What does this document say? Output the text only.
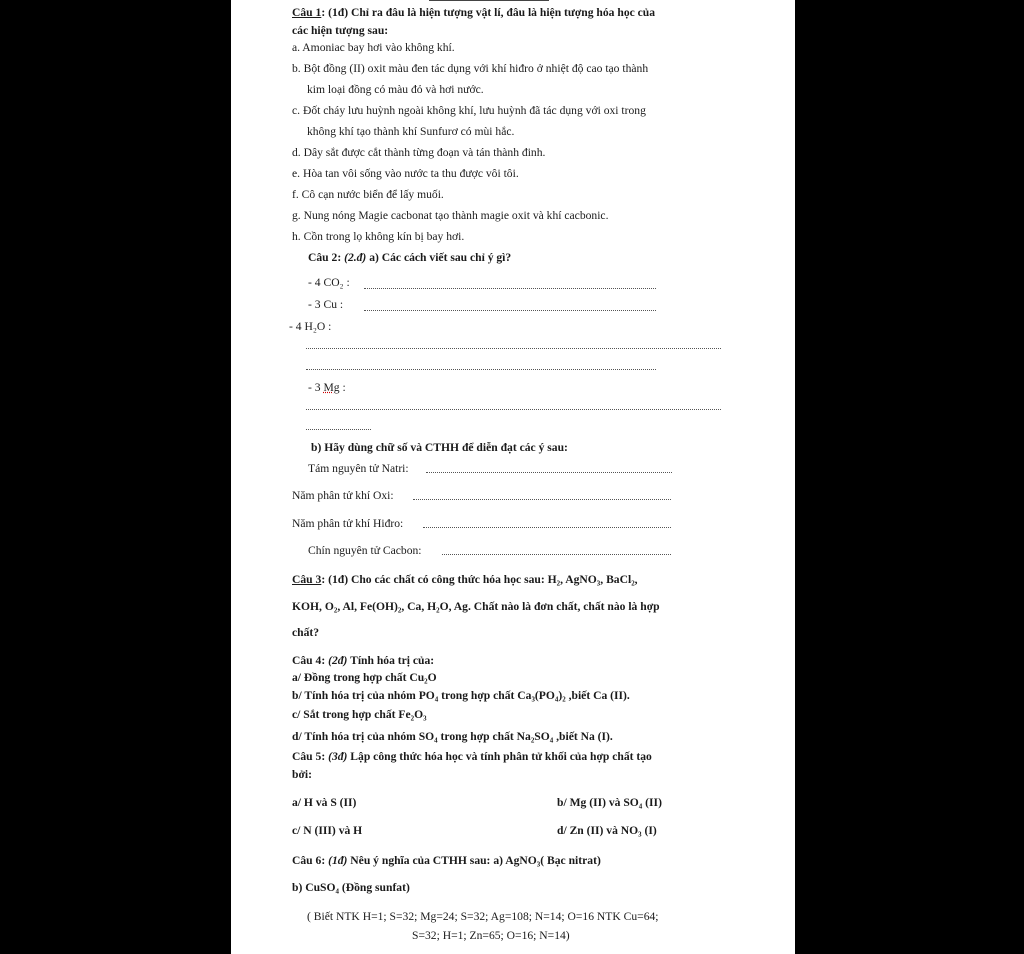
Câu 1: (1đ) Chỉ ra đâu là hiện tượng vật lí, đâu là hiện tượng hóa học của
các hiện tượng sau:
a. Amoniac bay hơi vào không khí.
b. Bột đồng (II) oxit màu đen tác dụng với khí hiđro ở nhiệt độ cao tạo thành
kim loại đồng có màu đỏ và hơi nước.
c. Đốt cháy lưu huỳnh ngoài không khí, lưu huỳnh đã tác dụng với oxi trong
không khí tạo thành khí Sunfurơ có mùi hắc.
d. Dây sắt được cắt thành từng đoạn và tán thành đinh.
e. Hòa tan vôi sống vào nước ta thu được vôi tôi.
f. Cô cạn nước biển để lấy muối.
g. Nung nóng Magie cacbonat tạo thành magie oxit và khí cacbonic.
h. Cồn trong lọ không kín bị bay hơi.
Câu 2: (2.đ) a) Các cách viết sau chỉ ý gì?
- 4 CO₂ :
- 3 Cu :
- 4 H₂O :
- 3 Mg :
b) Hãy dùng chữ số và CTHH để diễn đạt các ý sau:
Tám nguyên tử Natri:
Năm phân tử khí Oxi:
Năm phân tử khí Hiđro:
Chín nguyên tử Cacbon:
Câu 3: (1đ) Cho các chất có công thức hóa học sau: H₂, AgNO₃, BaCl₂,
KOH, O₂, Al, Fe(OH)₂, Ca, H₂O, Ag. Chất nào là đơn chất, chất nào là hợp
chất?
Câu 4: (2đ) Tính hóa trị của:
a/ Đồng trong hợp chất Cu₂O
b/ Tính hóa trị của nhóm PO₄ trong hợp chất Ca₃(PO₄)₂ ,biết Ca (II).
c/ Sắt trong hợp chất Fe₂O₃
d/ Tính hóa trị của nhóm SO₄ trong hợp chất Na₂SO₄ ,biết Na (I).
Câu 5: (3đ) Lập công thức hóa học và tính phân tử khối của hợp chất tạo
bởi:
a/ H và S (II)	b/ Mg (II) và SO₄ (II)
c/ N (III) và H	d/ Zn (II) và NO₃ (I)
Câu 6: (1đ) Nêu ý nghĩa của CTHH sau: a) AgNO₃( Bạc nitrat)
b) CuSO₄ (Đồng sunfat)
( Biết NTK H=1; S=32; Mg=24; S=32; Ag=108; N=14; O=16 NTK Cu=64;
S=32; H=1; Zn=65; O=16; N=14)
